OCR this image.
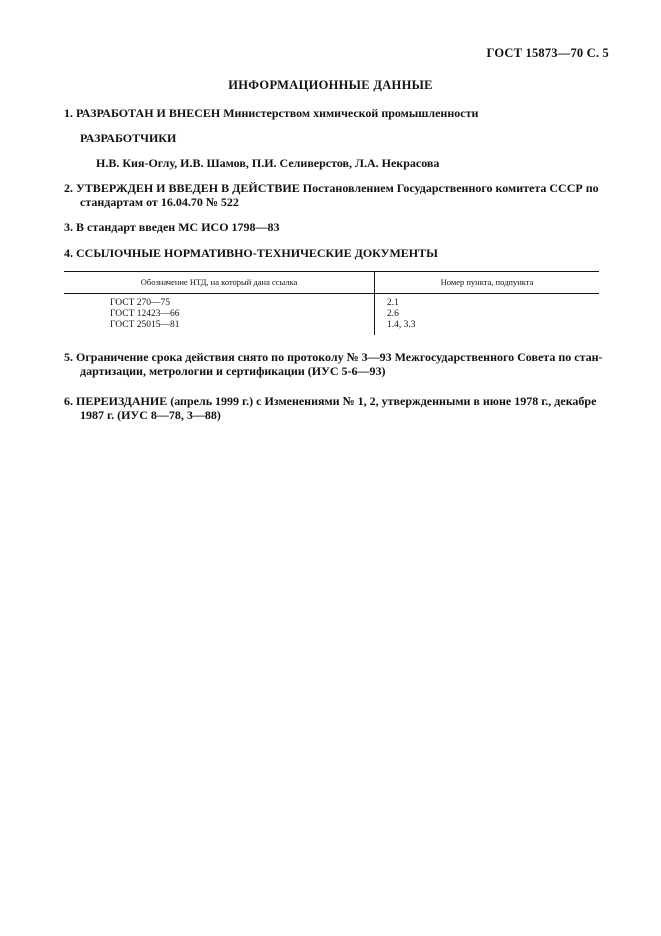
ГОСТ 15873—70 С. 5
ИНФОРМАЦИОННЫЕ ДАННЫЕ
1. РАЗРАБОТАН И ВНЕСЕН Министерством химической промышленности
РАЗРАБОТЧИКИ
Н.В. Кия-Оглу, И.В. Шамов, П.И. Селиверстов, Л.А. Некрасова
2. УТВЕРЖДЕН И ВВЕДЕН В ДЕЙСТВИЕ Постановлением Государственного комитета СССР по
стандартам от 16.04.70 № 522
3. В стандарт введен МС ИСО 1798—83
4. ССЫЛОЧНЫЕ НОРМАТИВНО-ТЕХНИЧЕСКИЕ ДОКУМЕНТЫ
Обозначение НТД, на который дана ссылка	Номер пункта, подпункта
ГОСТ 270—75	2.1
ГОСТ 12423—66	2.6
ГОСТ 25015—81	1.4, 3.3
5. Ограничение срока действия снято по протоколу № 3—93 Межгосударственного Совета по стан-
дартизации, метрологии и сертификации (ИУС 5-6—93)
6. ПЕРЕИЗДАНИЕ (апрель 1999 г.) с Изменениями № 1, 2, утвержденными в июне 1978 г., декабре
1987 г. (ИУС 8—78, 3—88)
